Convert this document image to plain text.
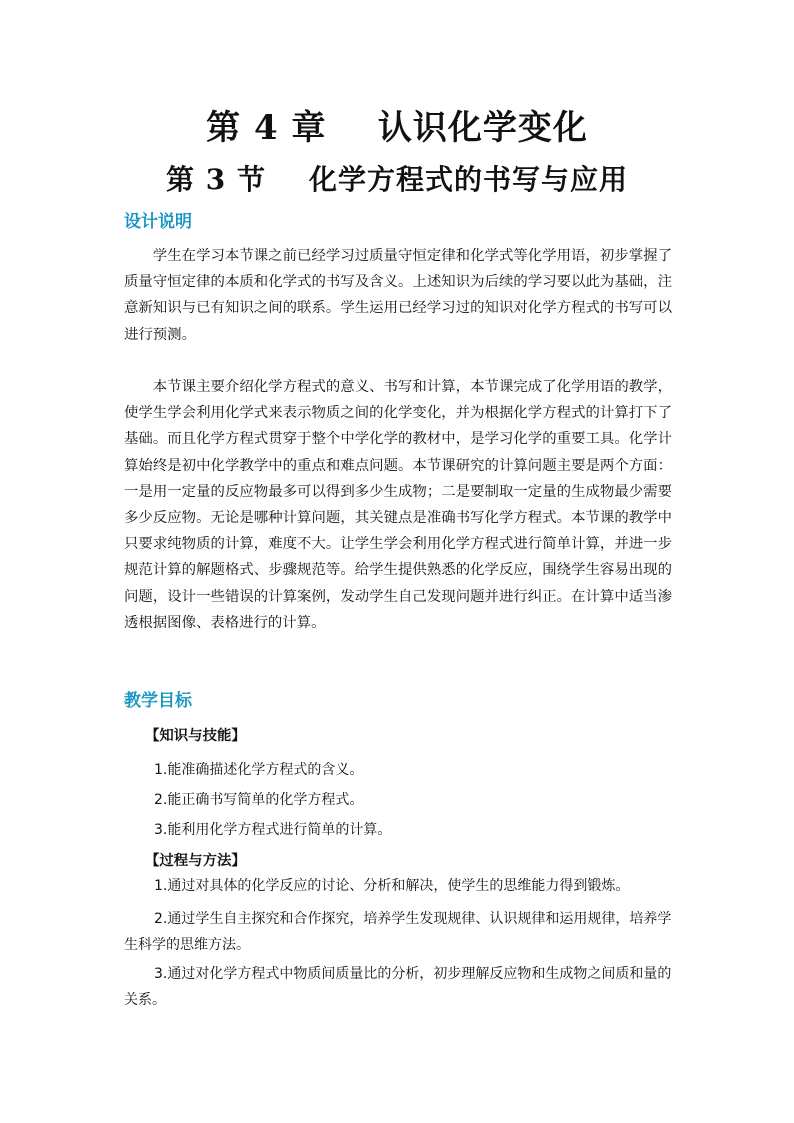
第 4 章    认识化学变化
第 3 节    化学方程式的书写与应用
设计说明
学生在学习本节课之前已经学习过质量守恒定律和化学式等化学用语，初步掌握了质量守恒定律的本质和化学式的书写及含义。上述知识为后续的学习要以此为基础，注意新知识与已有知识之间的联系。学生运用已经学习过的知识对化学方程式的书写可以进行预测。
本节课主要介绍化学方程式的意义、书写和计算，本节课完成了化学用语的教学，使学生学会利用化学式来表示物质之间的化学变化，并为根据化学方程式的计算打下了基础。而且化学方程式贯穿于整个中学化学的教材中，是学习化学的重要工具。化学计算始终是初中化学教学中的重点和难点问题。本节课研究的计算问题主要是两个方面：一是用一定量的反应物最多可以得到多少生成物；二是要制取一定量的生成物最少需要多少反应物。无论是哪种计算问题，其关键点是准确书写化学方程式。本节课的教学中只要求纯物质的计算，难度不大。让学生学会利用化学方程式进行简单计算，并进一步规范计算的解题格式、步骤规范等。给学生提供熟悉的化学反应，围绕学生容易出现的问题，设计一些错误的计算案例，发动学生自己发现问题并进行纠正。在计算中适当渗透根据图像、表格进行的计算。
教学目标
【知识与技能】
1.能准确描述化学方程式的含义。
2.能正确书写简单的化学方程式。
3.能利用化学方程式进行简单的计算。
【过程与方法】
1.通过对具体的化学反应的讨论、分析和解决，使学生的思维能力得到锻炼。
2.通过学生自主探究和合作探究，培养学生发现规律、认识规律和运用规律，培养学生科学的思维方法。
3.通过对化学方程式中物质间质量比的分析，初步理解反应物和生成物之间质和量的关系。
